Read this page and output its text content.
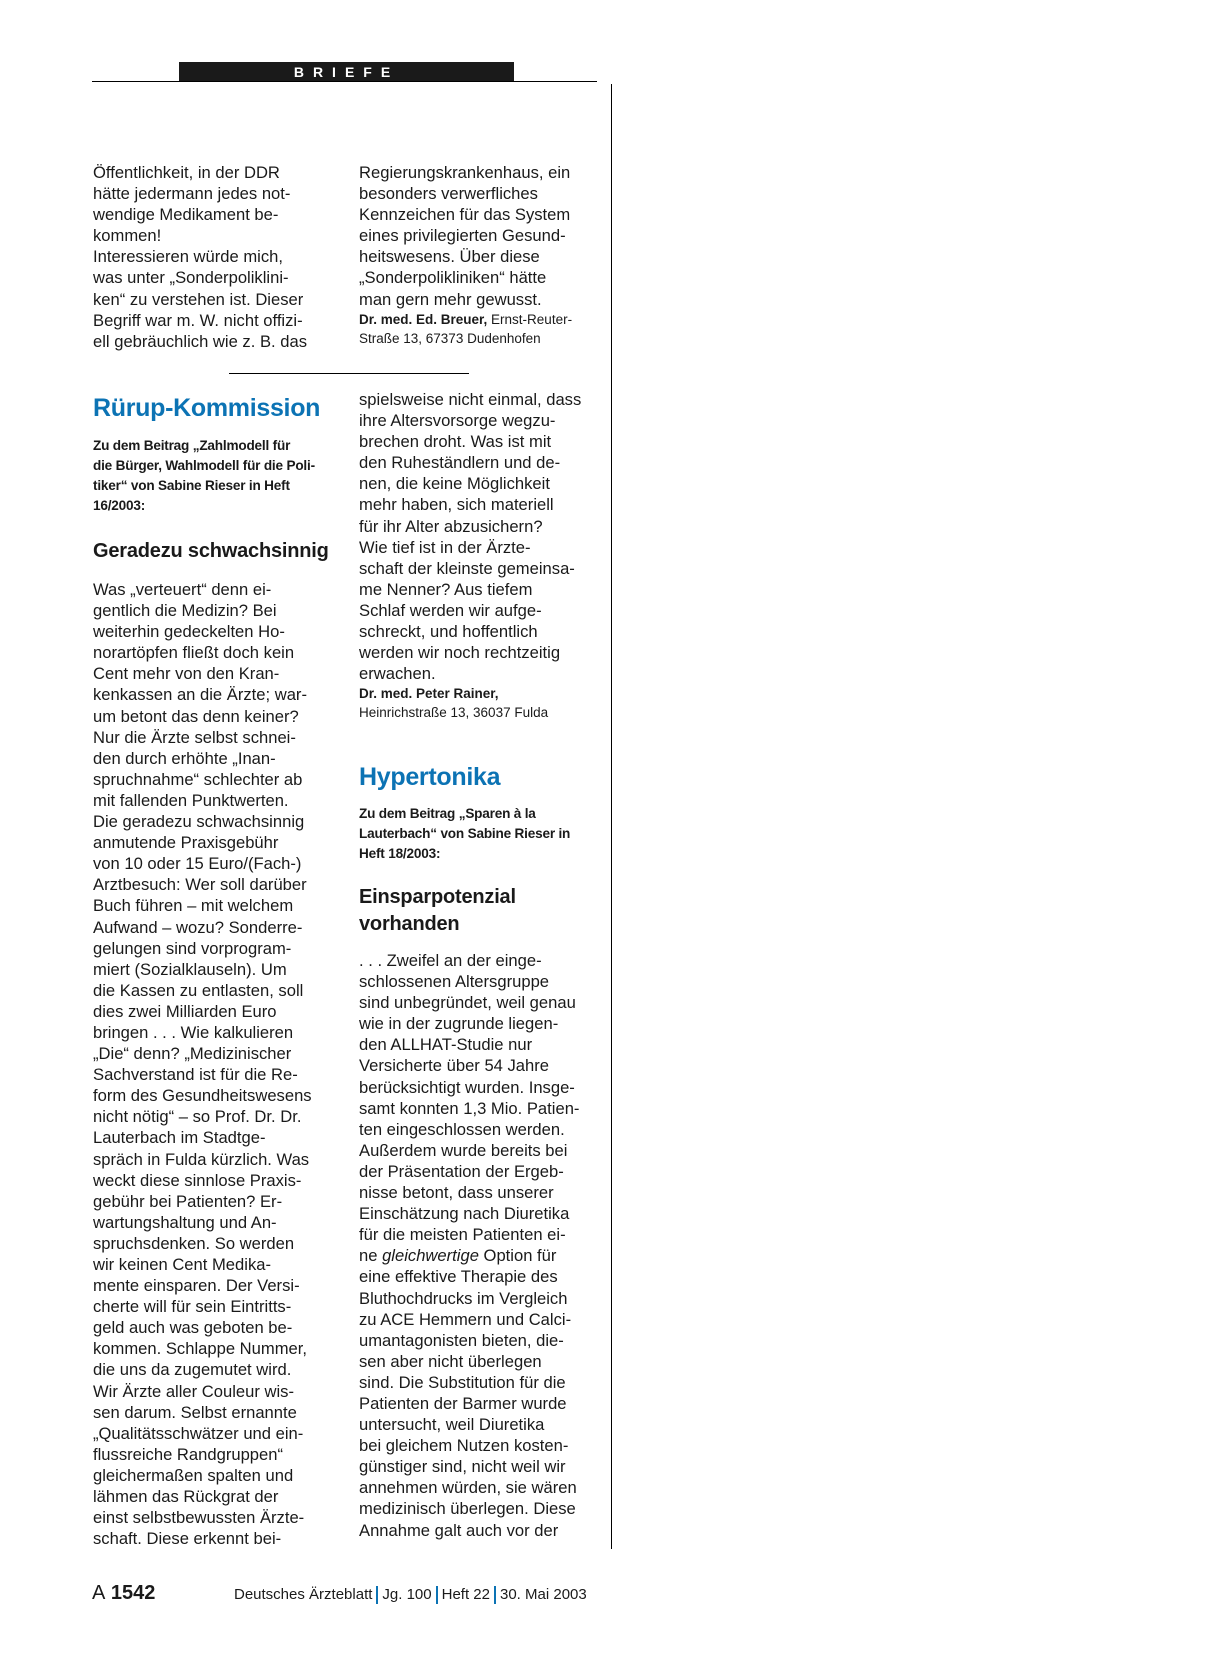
BRIEFE

Öffentlichkeit, in der DDR
hätte jedermann jedes not-
wendige Medikament be-
kommen!
Interessieren würde mich,
was unter „Sonderpoliklini-
ken“ zu verstehen ist. Dieser
Begriff war m. W. nicht offizi-
ell gebräuchlich wie z. B. das

Regierungskrankenhaus, ein
besonders verwerfliches
Kennzeichen für das System
eines privilegierten Gesund-
heitswesens. Über diese
„Sonderpolikliniken“ hätte
man gern mehr gewusst.

Dr. med. Ed. Breuer, Ernst-Reuter-
Straße 13, 67373 Dudenhofen

Rürup-Kommission
Zu dem Beitrag „Zahlmodell für
die Bürger, Wahlmodell für die Poli-
tiker“ von Sabine Rieser in Heft
16/2003:
Geradezu schwachsinnig

Was „verteuert“ denn ei-
gentlich die Medizin? Bei
weiterhin gedeckelten Ho-
norartöpfen fließt doch kein
Cent mehr von den Kran-
kenkassen an die Ärzte; war-
um betont das denn keiner?
Nur die Ärzte selbst schnei-
den durch erhöhte „Inan-
spruchnahme“ schlechter ab
mit fallenden Punktwerten.
Die geradezu schwachsinnig
anmutende Praxisgebühr
von 10 oder 15 Euro/(Fach-)
Arztbesuch: Wer soll darüber
Buch führen – mit welchem
Aufwand – wozu? Sonderre-
gelungen sind vorprogram-
miert (Sozialklauseln). Um
die Kassen zu entlasten, soll
dies zwei Milliarden Euro
bringen . . . Wie kalkulieren
„Die“ denn? „Medizinischer
Sachverstand ist für die Re-
form des Gesundheitswesens
nicht nötig“ – so Prof. Dr. Dr.
Lauterbach im Stadtge-
spräch in Fulda kürzlich. Was
weckt diese sinnlose Praxis-
gebühr bei Patienten? Er-
wartungshaltung und An-
spruchsdenken. So werden
wir keinen Cent Medika-
mente einsparen. Der Versi-
cherte will für sein Eintritts-
geld auch was geboten be-
kommen. Schlappe Nummer,
die uns da zugemutet wird.
Wir Ärzte aller Couleur wis-
sen darum. Selbst ernannte
„Qualitätsschwätzer und ein-
flussreiche Randgruppen“
gleichermaßen spalten und
lähmen das Rückgrat der
einst selbstbewussten Ärzte-
schaft. Diese erkennt bei-

spielsweise nicht einmal, dass
ihre Altersvorsorge wegzu-
brechen droht. Was ist mit
den Ruheständlern und de-
nen, die keine Möglichkeit
mehr haben, sich materiell
für ihr Alter abzusichern?
Wie tief ist in der Ärzte-
schaft der kleinste gemeinsa-
me Nenner? Aus tiefem
Schlaf werden wir aufge-
schreckt, und hoffentlich
werden wir noch rechtzeitig
erwachen.

Dr. med. Peter Rainer,
Heinrichstraße 13, 36037 Fulda

Hypertonika
Zu dem Beitrag „Sparen à la
Lauterbach“ von Sabine Rieser in
Heft 18/2003:
Einsparpotenzial
vorhanden

. . . Zweifel an der einge-
schlossenen Altersgruppe
sind unbegründet, weil genau
wie in der zugrunde liegen-
den ALLHAT-Studie nur
Versicherte über 54 Jahre
berücksichtigt wurden. Insge-
samt konnten 1,3 Mio. Patien-
ten eingeschlossen werden.
Außerdem wurde bereits bei
der Präsentation der Ergeb-
nisse betont, dass unserer
Einschätzung nach Diuretika
für die meisten Patienten ei-
ne gleichwertige Option für
eine effektive Therapie des
Bluthochdrucks im Vergleich
zu ACE Hemmern und Calci-
umantagonisten bieten, die-
sen aber nicht überlegen
sind. Die Substitution für die
Patienten der Barmer wurde
untersucht, weil Diuretika
bei gleichem Nutzen kosten-
günstiger sind, nicht weil wir
annehmen würden, sie wären
medizinisch überlegen. Diese
Annahme galt auch vor der

A 1542	Deutsches Ärzteblatt Jg. 100 Heft 22 30. Mai 2003
